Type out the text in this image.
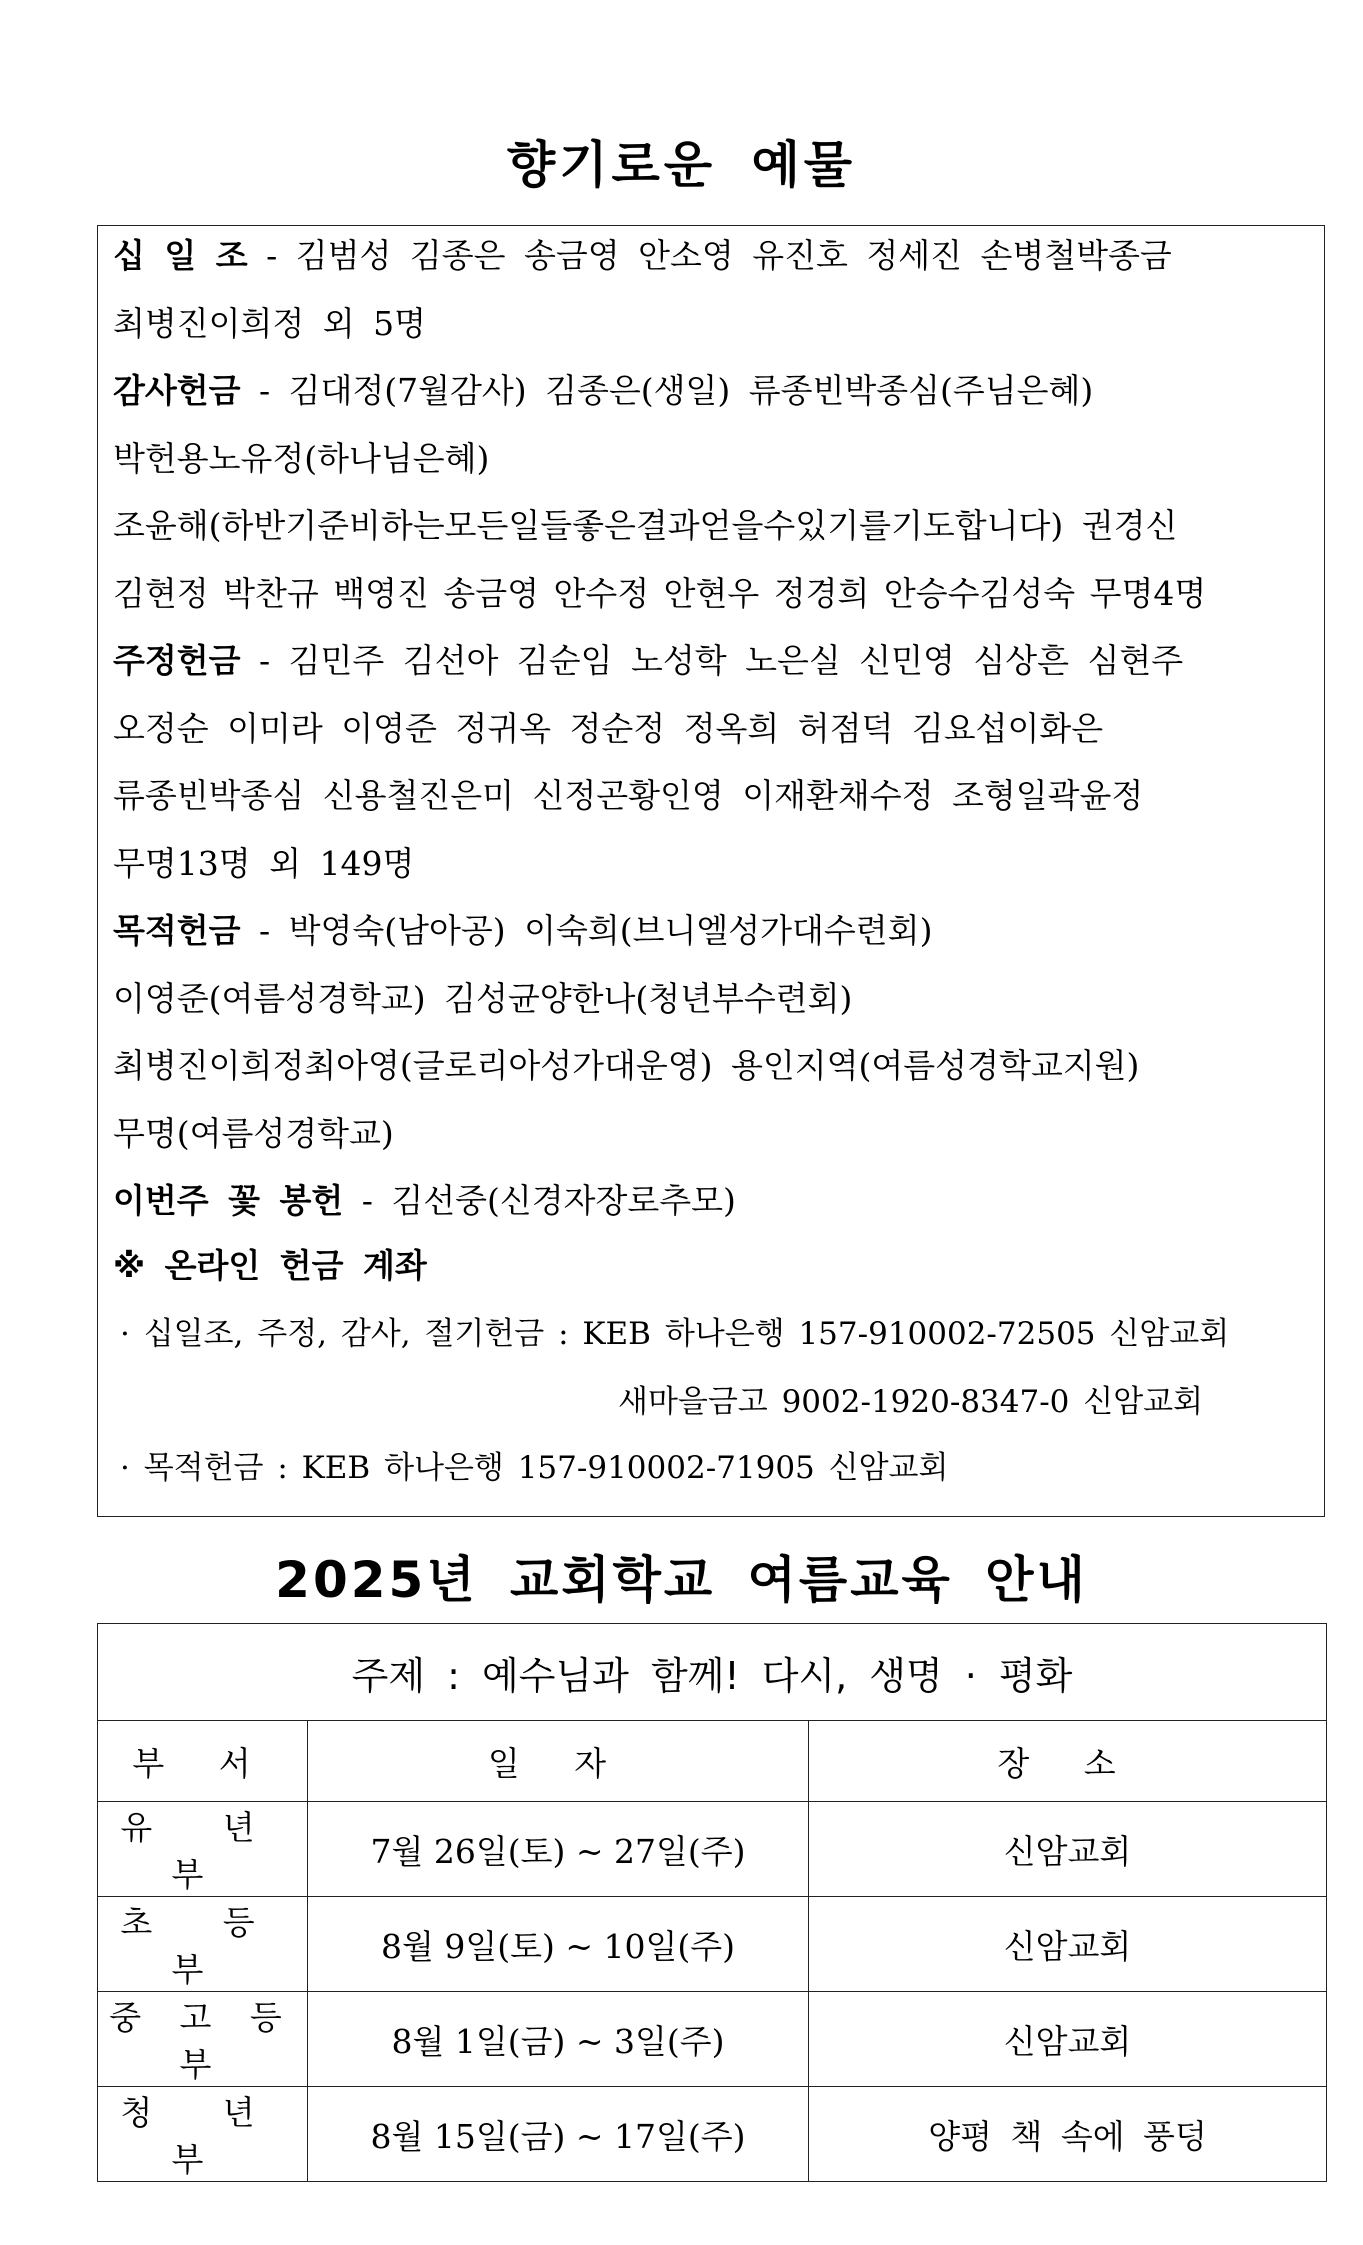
향기로운 예물
십 일 조 - 김범성 김종은 송금영 안소영 유진호 정세진 손병철박종금
최병진이희정 외 5명
감사헌금 - 김대정(7월감사) 김종은(생일) 류종빈박종심(주님은혜)
박헌용노유정(하나님은혜)
조윤해(하반기준비하는모든일들좋은결과얻을수있기를기도합니다) 권경신
김현정 박찬규 백영진 송금영 안수정 안현우 정경희 안승수김성숙 무명4명
주정헌금 - 김민주 김선아 김순임 노성학 노은실 신민영 심상흔 심현주
오정순 이미라 이영준 정귀옥 정순정 정옥희 허점덕 김요섭이화은
류종빈박종심 신용철진은미 신정곤황인영 이재환채수정 조형일곽윤정
무명13명 외 149명
목적헌금 - 박영숙(남아공) 이숙희(브니엘성가대수련회)
이영준(여름성경학교) 김성균양한나(청년부수련회)
최병진이희정최아영(글로리아성가대운영) 용인지역(여름성경학교지원)
무명(여름성경학교)
이번주 꽃 봉헌 - 김선중(신경자장로추모)
※ 온라인 헌금 계좌
· 십일조, 주정, 감사, 절기헌금 : KEB 하나은행 157-910002-72505 신암교회
새마을금고 9002-1920-8347-0 신암교회
· 목적헌금 : KEB 하나은행 157-910002-71905 신암교회
2025년 교회학교 여름교육 안내
주제 : 예수님과 함께! 다시, 생명 · 평화		
부 서	일 자	장 소
유 년 부	7월 26일(토) ~ 27일(주)	신암교회
초 등 부	8월 9일(토) ~ 10일(주)	신암교회
중 고 등 부	8월 1일(금) ~ 3일(주)	신암교회
청 년 부	8월 15일(금) ~ 17일(주)	양평 책 속에 풍덩
